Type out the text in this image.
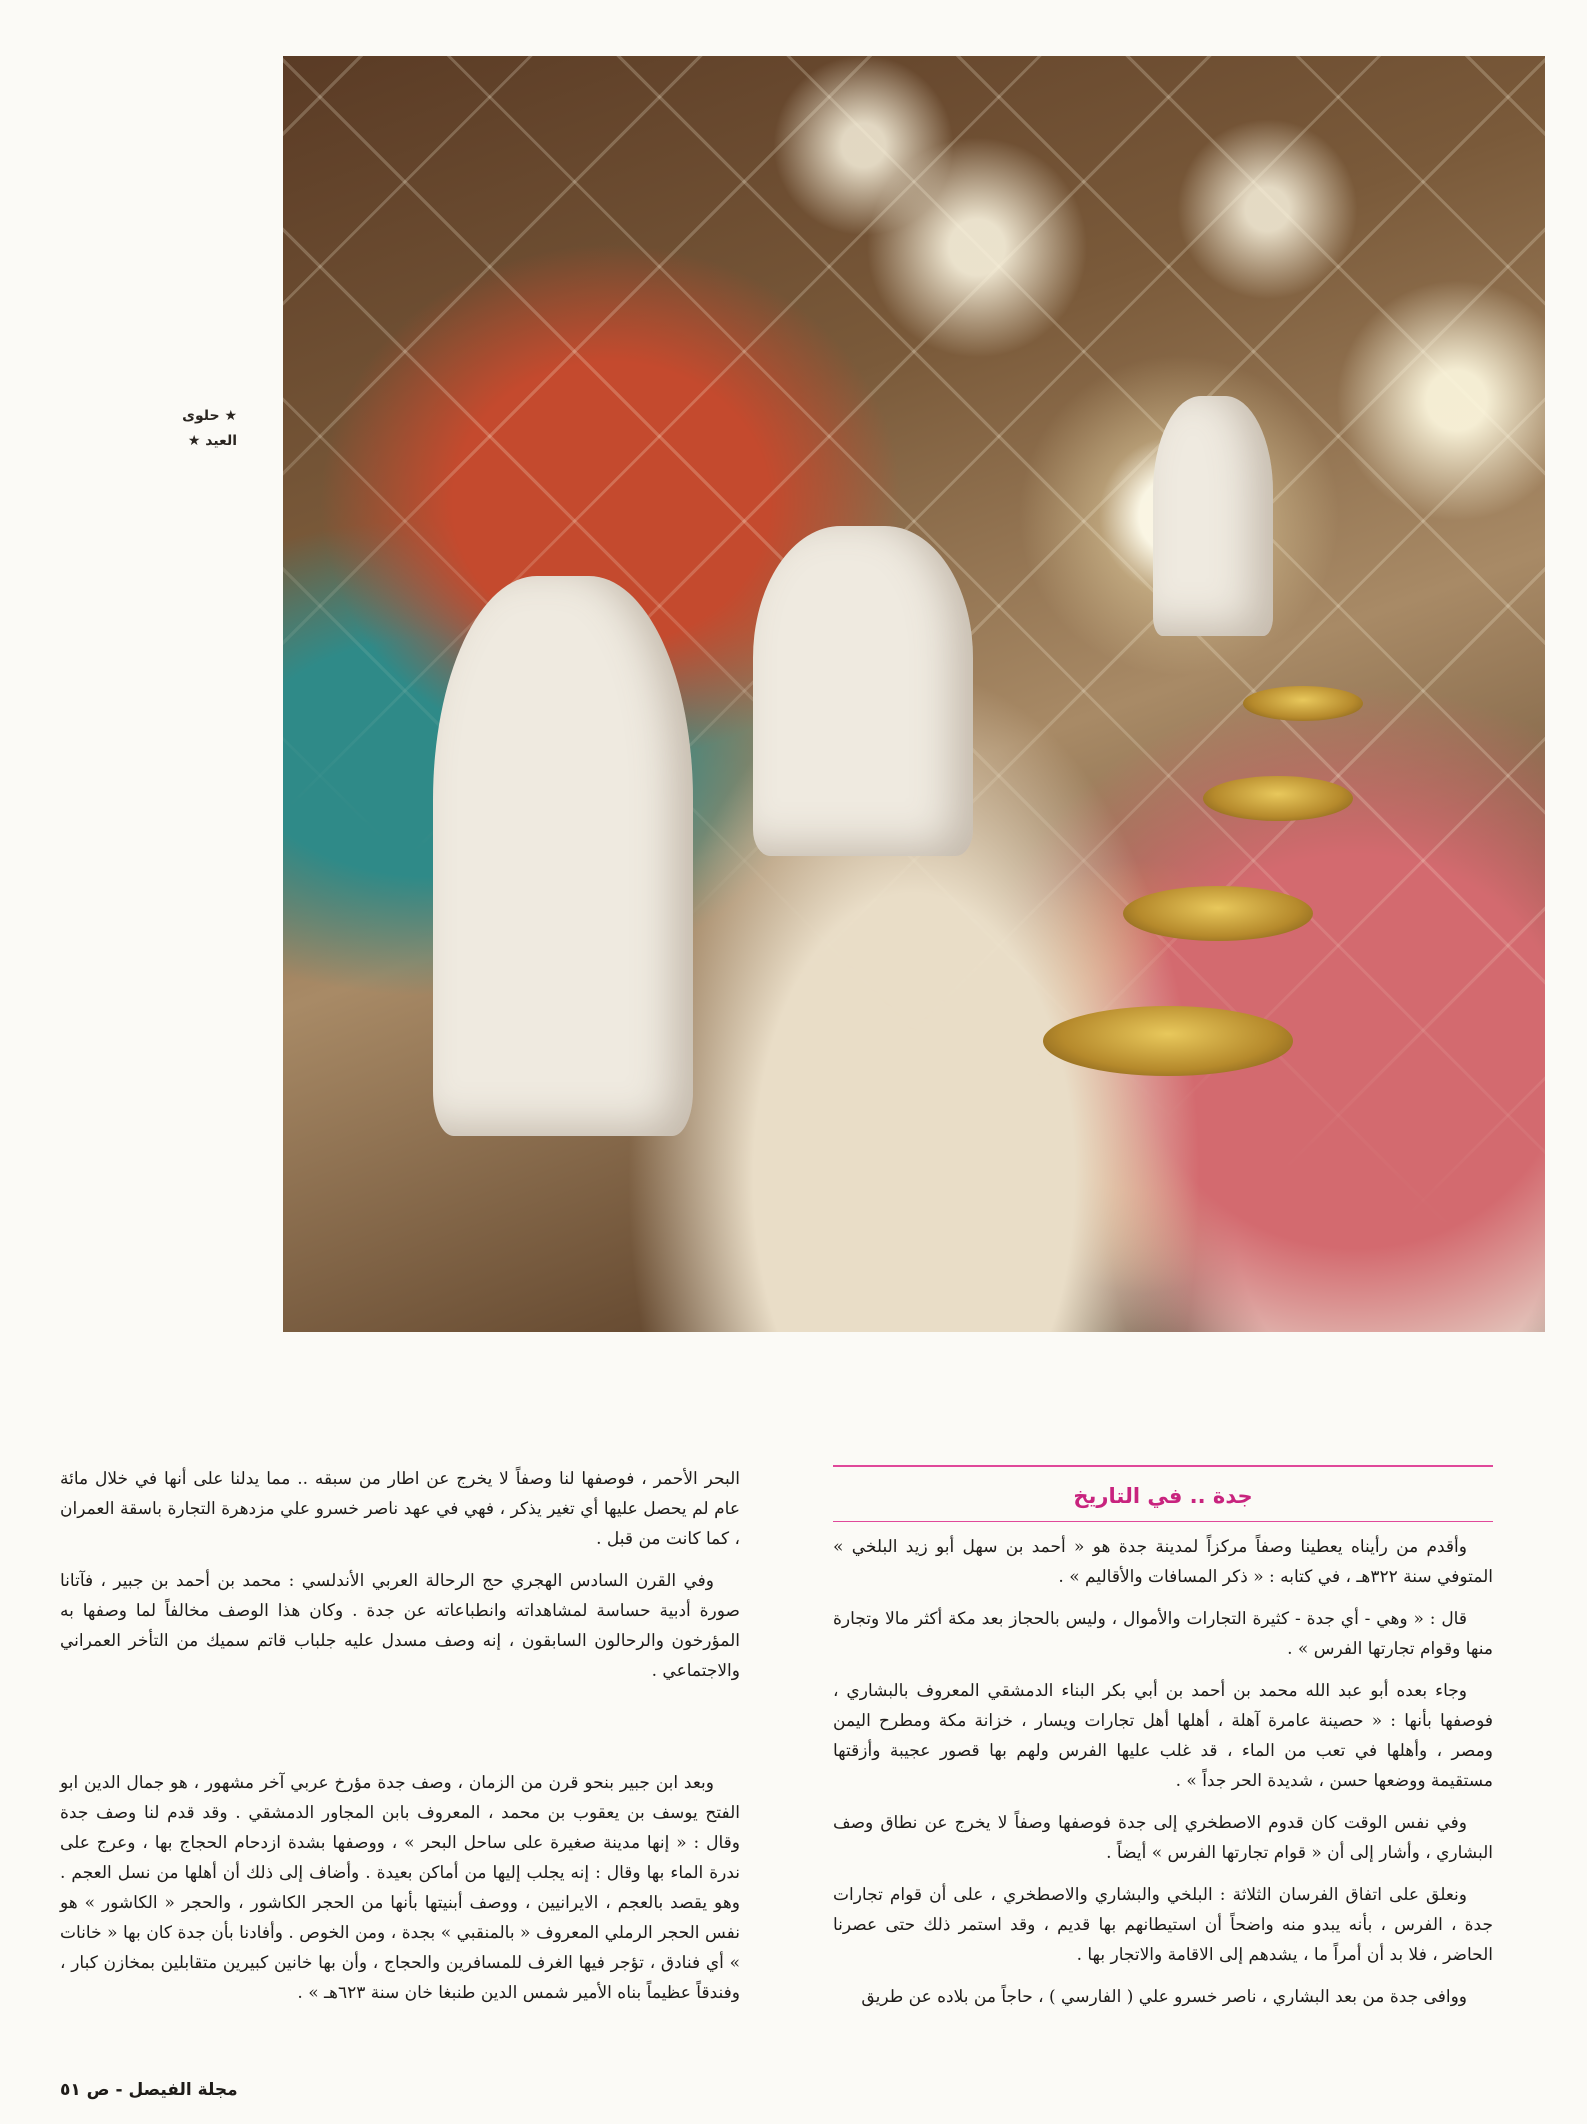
★ حلوى
العيد ★
جدة .. في التاريخ

وأقدم من رأيناه يعطينا وصفاً مركزاً لمدينة جدة هو « أحمد بن سهل أبو زيد البلخي » المتوفي سنة ٣٢٢هـ ، في كتابه : « ذكر المسافات والأقاليم » .

قال : « وهي - أي جدة - كثيرة التجارات والأموال ، وليس بالحجاز بعد مكة أكثر مالا وتجارة منها وقوام تجارتها الفرس » .

وجاء بعده أبو عبد الله محمد بن أحمد بن أبي بكر البناء الدمشقي المعروف بالبشاري ، فوصفها بأنها : « حصينة عامرة آهلة ، أهلها أهل تجارات ويسار ، خزانة مكة ومطرح اليمن ومصر ، وأهلها في تعب من الماء ، قد غلب عليها الفرس ولهم بها قصور عجيبة وأزقتها مستقيمة ووضعها حسن ، شديدة الحر جداً » .

وفي نفس الوقت كان قدوم الاصطخري إلى جدة فوصفها وصفاً لا يخرج عن نطاق وصف البشاري ، وأشار إلى أن « قوام تجارتها الفرس » أيضاً .

ونعلق على اتفاق الفرسان الثلاثة : البلخي والبشاري والاصطخري ، على أن قوام تجارات جدة ، الفرس ، بأنه يبدو منه واضحاً أن استيطانهم بها قديم ، وقد استمر ذلك حتى عصرنا الحاضر ، فلا بد أن أمراً ما ، يشدهم إلى الاقامة والاتجار بها .

ووافى جدة من بعد البشاري ، ناصر خسرو علي ( الفارسي ) ، حاجاً من بلاده عن طريق

البحر الأحمر ، فوصفها لنا وصفاً لا يخرج عن اطار من سبقه .. مما يدلنا على أنها في خلال مائة عام لم يحصل عليها أي تغير يذكر ، فهي في عهد ناصر خسرو علي مزدهرة التجارة باسقة العمران ، كما كانت من قبل .

وفي القرن السادس الهجري حج الرحالة العربي الأندلسي : محمد بن أحمد بن جبير ، فآتانا صورة أدبية حساسة لمشاهداته وانطباعاته عن جدة . وكان هذا الوصف مخالفاً لما وصفها به المؤرخون والرحالون السابقون ، إنه وصف مسدل عليه جلباب قاتم سميك من التأخر العمراني والاجتماعي .

وبعد ابن جبير بنحو قرن من الزمان ، وصف جدة مؤرخ عربي آخر مشهور ، هو جمال الدين ابو الفتح يوسف بن يعقوب بن محمد ، المعروف بابن المجاور الدمشقي . وقد قدم لنا وصف جدة وقال : « إنها مدينة صغيرة على ساحل البحر » ، ووصفها بشدة ازدحام الحجاج بها ، وعرج على ندرة الماء بها وقال : إنه يجلب إليها من أماكن بعيدة . وأضاف إلى ذلك أن أهلها من نسل العجم . وهو يقصد بالعجم ، الايرانيين ، ووصف أبنيتها بأنها من الحجر الكاشور ، والحجر « الكاشور » هو نفس الحجر الرملي المعروف « بالمنقبي » بجدة ، ومن الخوص . وأفادنا بأن جدة كان بها « خانات » أي فنادق ، تؤجر فيها الغرف للمسافرين والحجاج ، وأن بها خانين كبيرين متقابلين بمخازن كبار ، وفندقاً عظيماً بناه الأمير شمس الدين طنبغا خان سنة ٦٢٣هـ » .

مجلة الفيصل - ص ٥١
